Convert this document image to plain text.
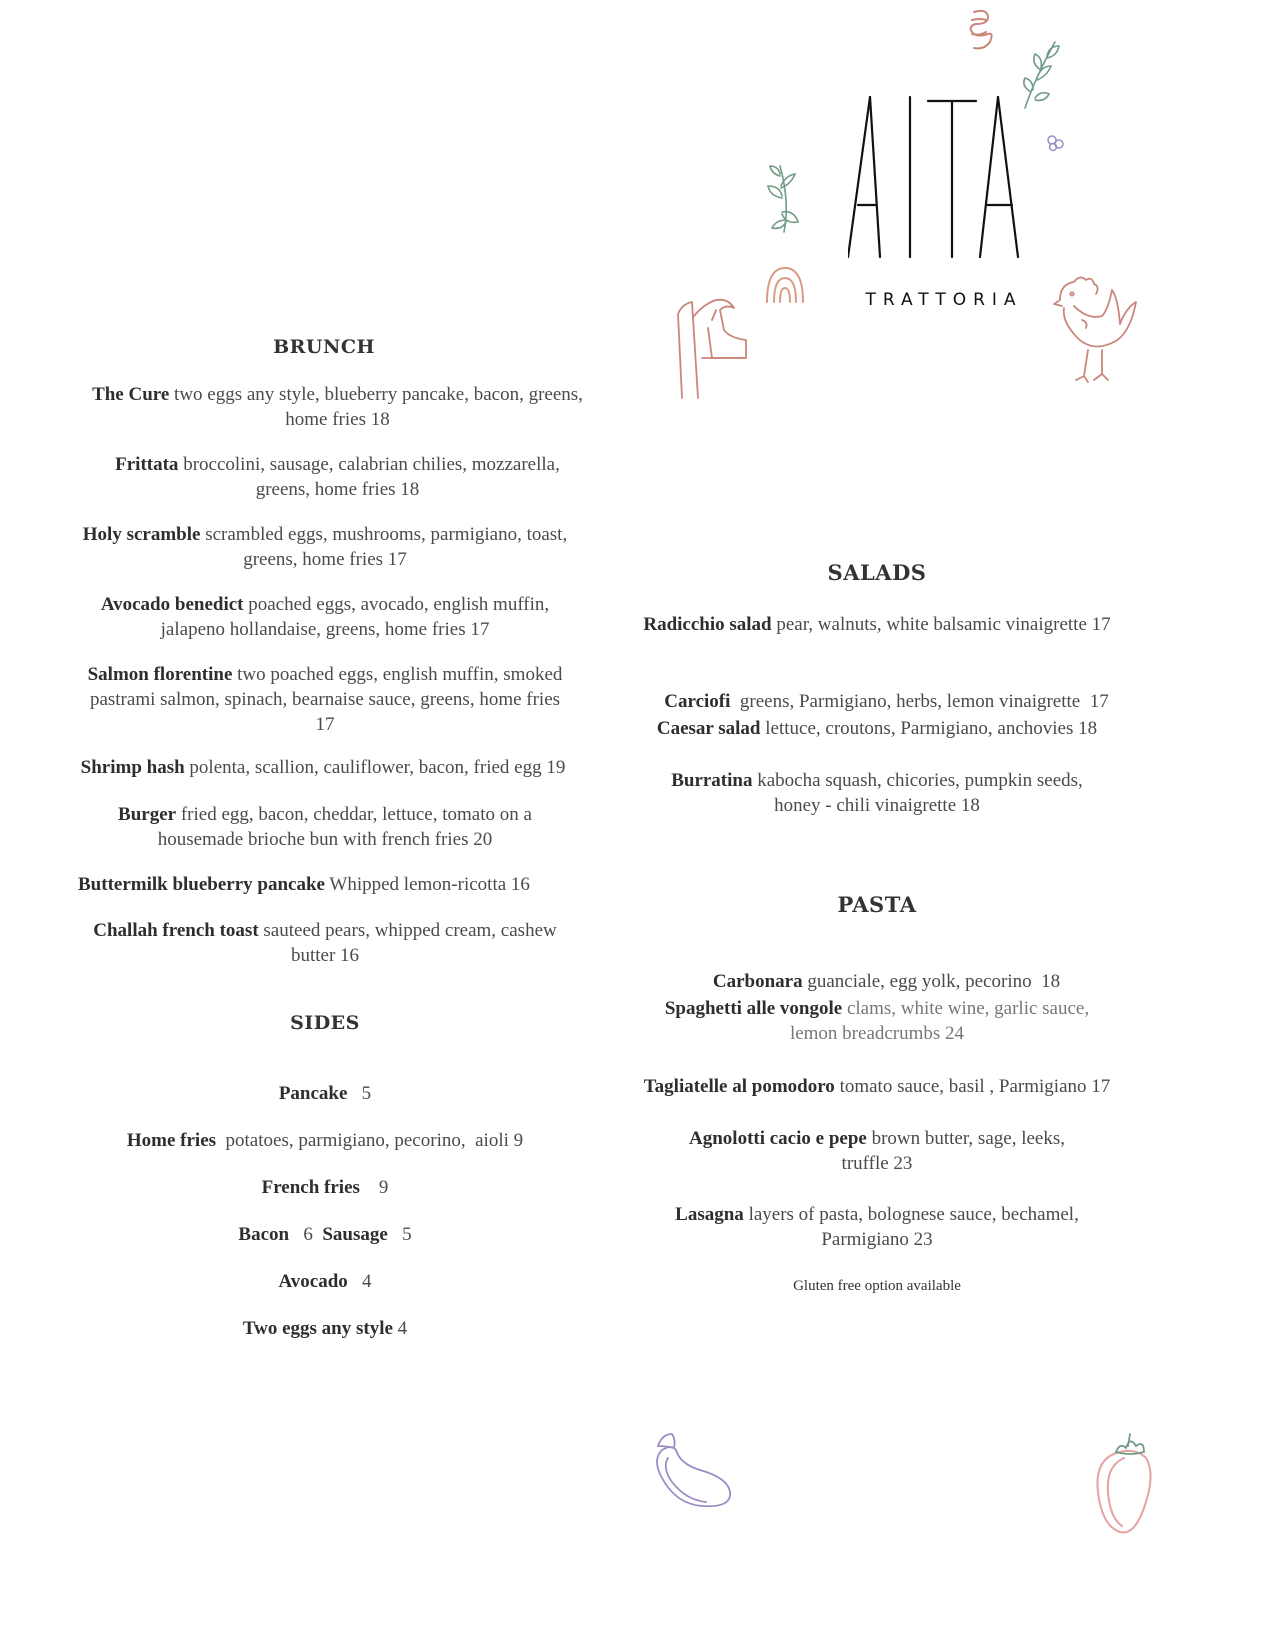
TRATTORIA
BRUNCH
The Cure two eggs any style, blueberry pancake, bacon, greens,
home fries 18
Frittata broccolini, sausage, calabrian chilies, mozzarella,
greens, home fries 18
Holy scramble scrambled eggs, mushrooms, parmigiano, toast,
greens, home fries 17
Avocado benedict poached eggs, avocado, english muffin,
jalapeno hollandaise, greens, home fries 17
Salmon florentine two poached eggs, english muffin, smoked
pastrami salmon, spinach, bearnaise sauce, greens, home fries
17
Shrimp hash polenta, scallion, cauliflower, bacon, fried egg 19
Burger fried egg, bacon, cheddar, lettuce, tomato on a
housemade brioche bun with french fries 20
Buttermilk blueberry pancake Whipped lemon-ricotta 16
Challah french toast sauteed pears, whipped cream, cashew
butter 16
SIDES
Pancake   5
Home fries  potatoes, parmigiano, pecorino,  aioli 9
French fries    9
Bacon   6  Sausage   5
Avocado   4
Two eggs any style 4
SALADS
Radicchio salad pear, walnuts, white balsamic vinaigrette 17

Carciofi  greens, Parmigiano, herbs, lemon vinaigrette  17

Caesar salad lettuce, croutons, Parmigiano, anchovies 18
Burratina kabocha squash, chicories, pumpkin seeds,
honey - chili vinaigrette 18
PASTA

Carbonara guanciale, egg yolk, pecorino  18

Spaghetti alle vongole clams, white wine, garlic sauce,
lemon breadcrumbs 24
Tagliatelle al pomodoro tomato sauce, basil , Parmigiano 17
Agnolotti cacio e pepe brown butter, sage, leeks,
truffle 23
Lasagna layers of pasta, bolognese sauce, bechamel,
Parmigiano 23
Gluten free option available
